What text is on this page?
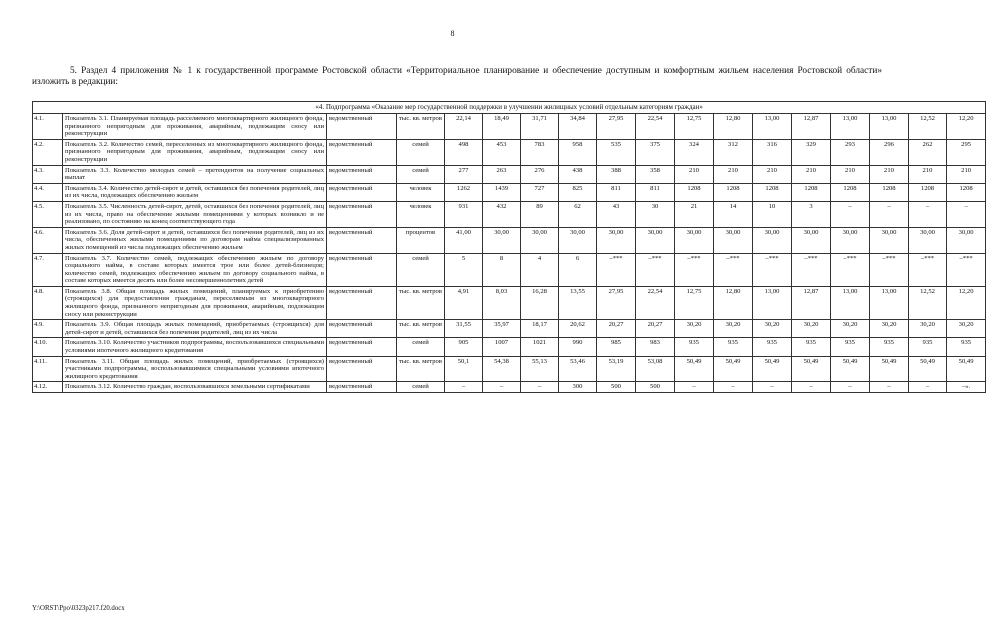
8
5. Раздел 4 приложения № 1 к государственной программе Ростовской области «Территориальное планирование и обеспечение доступным и комфортным жильем населения Ростовской области» изложить в редакции:
«4. Подпрограмма «Оказание мер государственной поддержки в улучшении жилищных условий отдельным категориям граждан»																	
4.1.	Показатель 3.1. Планируемая площадь расселяемого многоквартирного жилищного фонда, признанного непригодным для проживания, аварийным, подлежащим сносу или реконструкции	ведомственный	тыс. кв. метров	22,14	18,49	31,71	34,84	27,95	22,54	12,75	12,80	13,00	12,87	13,00	13,00	12,52	12,20
4.2.	Показатель 3.2. Количество семей, переселенных из многоквартирного жилищного фонда, признанного непригодным для проживания, аварийным, подлежащим сносу или реконструкции	ведомственный	семей	498	453	783	958	535	375	324	312	316	329	293	296	262	295
4.3.	Показатель 3.3. Количество молодых семей – претендентов на получение социальных выплат	ведомственный	семей	277	263	276	438	388	358	210	210	210	210	210	210	210	210
4.4.	Показатель 3.4. Количество детей-сирот и детей, оставшихся без попечения родителей, лиц из их числа, подлежащих обеспечению жильем	ведомственный	человек	1262	1439	727	825	811	811	1208	1208	1208	1208	1208	1208	1208	1208
4.5.	Показатель 3.5. Численность детей-сирот, детей, оставшихся без попечения родителей, лиц из их числа, право на обеспечение жилыми помещениями у которых возникло и не реализовано, по состоянию на конец соответствующего года	ведомственный	человек	931	432	89	62	43	30	21	14	10	3	–	–	–	–
4.6.	Показатель 3.6. Доля детей-сирот и детей, оставшихся без попечения родителей, лиц из их числа, обеспеченных жилыми помещениями по договорам найма специализированных жилых помещений из числа подлежащих обеспечению жильем	ведомственный	процентов	41,00	30,00	30,00	30,00	30,00	30,00	30,00	30,00	30,00	30,00	30,00	30,00	30,00	30,00
4.7.	Показатель 3.7. Количество семей, подлежащих обеспечению жильем по договору социального найма, в составе которых имеется трое или более детей-близнецов; количество семей, подлежащих обеспечению жильем по договору социального найма, в составе которых имеется десять или более несовершеннолетних детей	ведомственный	семей	5	8	4	6	–***	–***	–***	–***	–***	–***	–***	–***	–***	–***
4.8.	Показатель 3.8. Общая площадь жилых помещений, планируемых к приобретению (строящихся) для предоставления гражданам, переселяемым из многоквартирного жилищного фонда, признанного непригодным для проживания, аварийным, подлежащим сносу или реконструкции	ведомственный	тыс. кв. метров	4,91	8,03	16,28	13,55	27,95	22,54	12,75	12,80	13,00	12,87	13,00	13,00	12,52	12,20
4.9.	Показатель 3.9. Общая площадь жилых помещений, приобретаемых (строящихся) для детей-сирот и детей, оставшихся без попечения родителей, лиц из их числа	ведомственный	тыс. кв. метров	31,55	35,97	18,17	20,62	20,27	20,27	30,20	30,20	30,20	30,20	30,20	30,20	30,20	30,20
4.10.	Показатель 3.10. Количество участников подпрограммы, воспользовавшихся специальными условиями ипотечного жилищного кредитования	ведомственный	семей	905	1007	1021	990	985	983	935	935	935	935	935	935	935	935
4.11.	Показатель 3.11. Общая площадь жилых помещений, приобретаемых (строящихся) участниками подпрограммы, воспользовавшимися специальными условиями ипотечного жилищного кредитования	ведомственный	тыс. кв. метров	50,1	54,38	55,13	53,46	53,19	53,08	50,49	50,49	50,49	50,49	50,49	50,49	50,49	50,49
4.12.	Показатель 3.12. Количество граждан, воспользовавшихся земельными сертификатами	ведомственный	семей	–	–	–	300	500	500	–	–	–	–	–	–	–	–».
Y:\ORST\Ppo\0323p217.f20.docx
